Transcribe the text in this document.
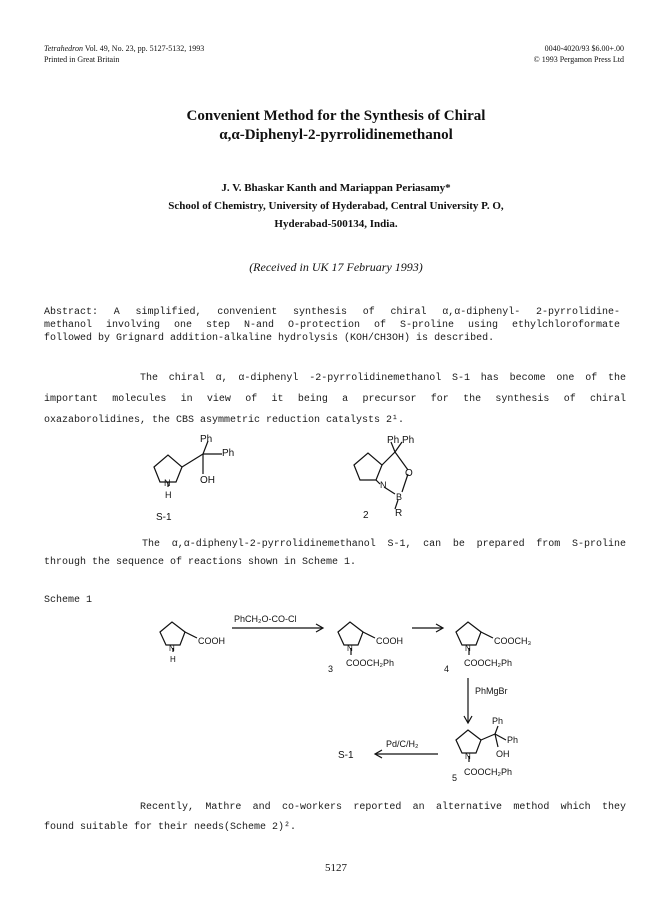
Tetrahedron Vol. 49, No. 23, pp. 5127-5132, 1993
Printed in Great Britain
0040-4020/93 $6.00+.00
© 1993 Pergamon Press Ltd
Convenient Method for the Synthesis of Chiral
α,α-Diphenyl-2-pyrrolidinemethanol
J. V. Bhaskar Kanth and Mariappan Periasamy*
School of Chemistry, University of Hyderabad, Central University P. O,
Hyderabad-500134, India.
(Received in UK 17 February 1993)
Abstract: A simplified, convenient synthesis of chiral α,α-diphenyl- 2-pyrrolidine-
methanol involving one step N-and O-protection of S-proline using ethylchloroformate
followed by Grignard addition-alkaline hydrolysis (KOH/CH3OH) is described.
The chiral α, α-diphenyl -2-pyrrolidinemethanol S-1 has become one of the
important molecules in view of it being a precursor for the synthesis of chiral
oxazaborolidines, the CBS asymmetric reduction catalysts 2¹.
Ph
Ph
OH
N
H
S-1
Ph Ph
O
N
B
R
2
The α,α-diphenyl-2-pyrrolidinemethanol S-1, can be prepared from S-proline
through the sequence of reactions shown in Scheme 1.
Scheme 1
COOH
N
H
PhCH₂O-CO-Cl
COOH
N
COOCH₂Ph
3
COOCH₃
N
COOCH₂Ph
4
PhMgBr
Ph
Ph
OH
N
COOCH₂Ph
5
Pd/C/H₂
S-1
Recently, Mathre and co-workers reported an alternative method which they
found suitable for their needs(Scheme 2)².
5127
